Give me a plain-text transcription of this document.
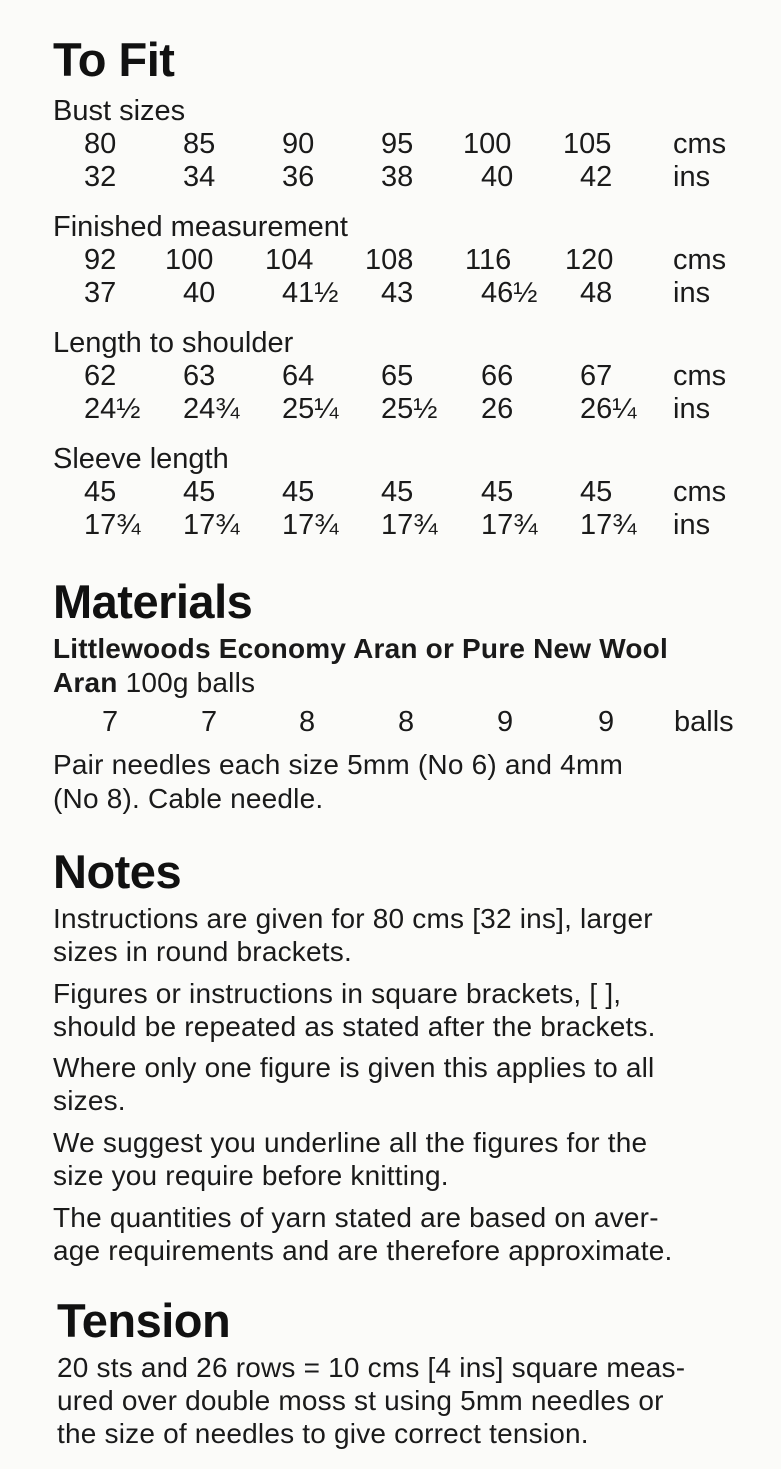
To Fit
Bust sizes
80 85 90 95 100 105 cms
32 34 36 38 40 42 ins
Finished measurement
92 100 104 108 116 120 cms
37 40 41½ 43 46½ 48 ins
Length to shoulder
62 63 64 65 66 67 cms
24½ 24¾ 25¼ 25½ 26 26¼ ins
Sleeve length
45 45 45 45 45 45 cms
17¾ 17¾ 17¾ 17¾ 17¾ 17¾ ins
Materials
Littlewoods Economy Aran or Pure New Wool
Aran 100g balls
7	7	8	8	9	9 balls
Pair needles each size 5mm (No 6) and 4mm
(No 8). Cable needle.
Notes
Instructions are given for 80 cms [32 ins], larger
sizes in round brackets.
Figures or instructions in square brackets, [ ],
should be repeated as stated after the brackets.
Where only one figure is given this applies to all
sizes.
We suggest you underline all the figures for the
size you require before knitting.
The quantities of yarn stated are based on aver-
age requirements and are therefore approximate.
Tension
20 sts and 26 rows = 10 cms [4 ins] square meas-
ured over double moss st using 5mm needles or
the size of needles to give correct tension.
